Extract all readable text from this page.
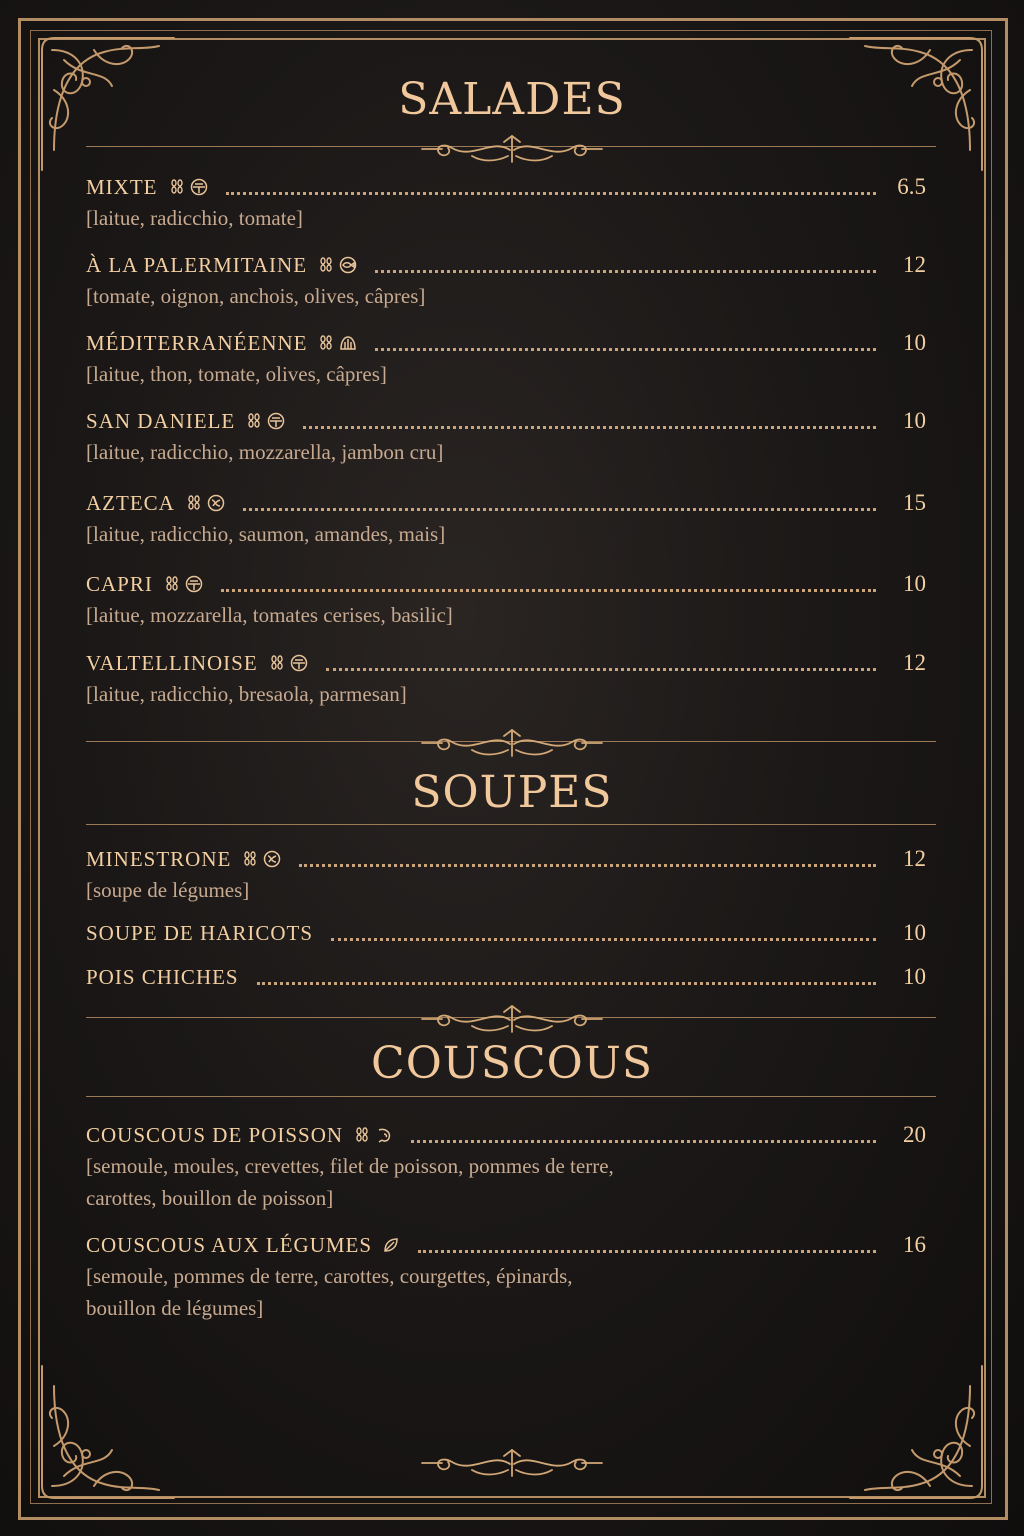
SALADES
MIXTE	6.5
[laitue, radicchio, tomate]
À LA PALERMITAINE	12
[tomate, oignon, anchois, olives, câpres]
MÉDITERRANÉENNE	10
[laitue, thon, tomate, olives, câpres]
SAN DANIELE	10
[laitue, radicchio, mozzarella, jambon cru]
AZTECA	15
[laitue, radicchio, saumon, amandes, mais]
CAPRI	10
[laitue, mozzarella, tomates cerises, basilic]
VALTELLINOISE	12
[laitue, radicchio, bresaola, parmesan]
SOUPES
MINESTRONE	12
[soupe de légumes]
SOUPE DE HARICOTS	10
POIS CHICHES	10
COUSCOUS
COUSCOUS DE POISSON	20
[semoule, moules, crevettes, filet de poisson, pommes de terre,
carottes, bouillon de poisson]
COUSCOUS AUX LÉGUMES	16
[semoule, pommes de terre, carottes, courgettes, épinards,
bouillon de légumes]
